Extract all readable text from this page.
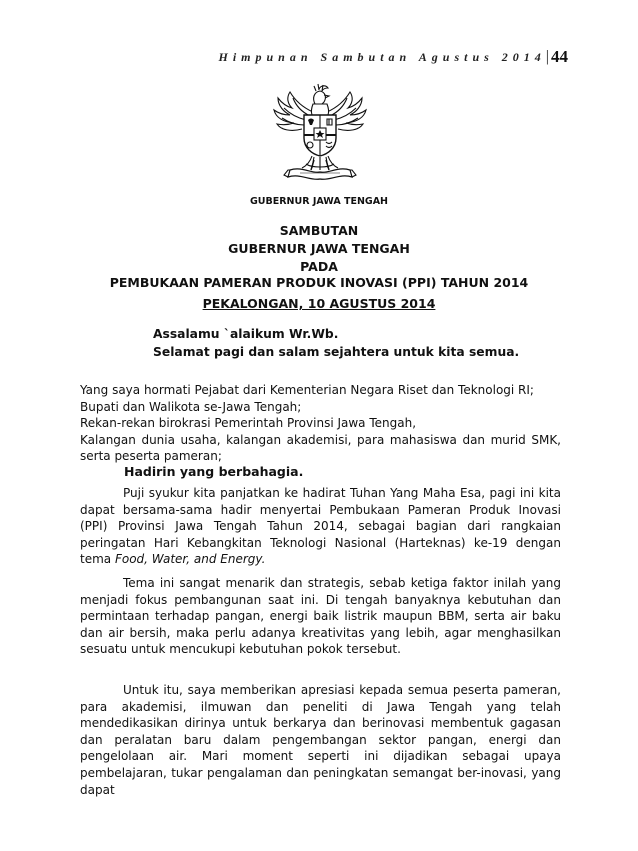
Himpunan Sambutan Agustus 2014 | 44
GUBERNUR JAWA TENGAH
SAMBUTAN
GUBERNUR JAWA TENGAH
PADA
PEMBUKAAN PAMERAN PRODUK INOVASI (PPI) TAHUN 2014
PEKALONGAN, 10 AGUSTUS 2014
Assalamu `alaikum Wr.Wb.
Selamat pagi dan salam sejahtera untuk kita semua.

Yang saya hormati Pejabat dari Kementerian Negara Riset dan Teknologi RI;

Bupati dan Walikota se-Jawa Tengah;

Rekan-rekan birokrasi Pemerintah Provinsi Jawa Tengah,

Kalangan dunia usaha, kalangan akademisi, para mahasiswa dan murid SMK, serta peserta pameran;

Hadirin yang berbahagia.

Puji syukur kita panjatkan ke hadirat Tuhan Yang Maha Esa, pagi ini kita dapat bersama-sama hadir menyertai Pembukaan Pameran Produk Inovasi (PPI) Provinsi Jawa Tengah Tahun 2014, sebagai bagian dari rangkaian peringatan Hari Kebangkitan Teknologi Nasional (Harteknas) ke-19 dengan tema Food, Water, and Energy.

Tema ini sangat menarik dan strategis, sebab ketiga faktor inilah yang menjadi fokus pembangunan saat ini. Di tengah banyaknya kebutuhan dan permintaan terhadap pangan, energi baik listrik maupun BBM, serta air baku dan air bersih, maka perlu adanya kreativitas yang lebih, agar menghasilkan sesuatu untuk mencukupi kebutuhan pokok tersebut.

Untuk itu, saya memberikan apresiasi kepada semua peserta pameran, para akademisi, ilmuwan dan peneliti di Jawa Tengah yang telah mendedikasikan dirinya untuk berkarya dan berinovasi membentuk gagasan dan peralatan baru dalam pengembangan sektor pangan, energi dan pengelolaan air. Mari moment seperti ini dijadikan sebagai upaya pembelajaran, tukar pengalaman dan peningkatan semangat ber-inovasi, yang dapat
